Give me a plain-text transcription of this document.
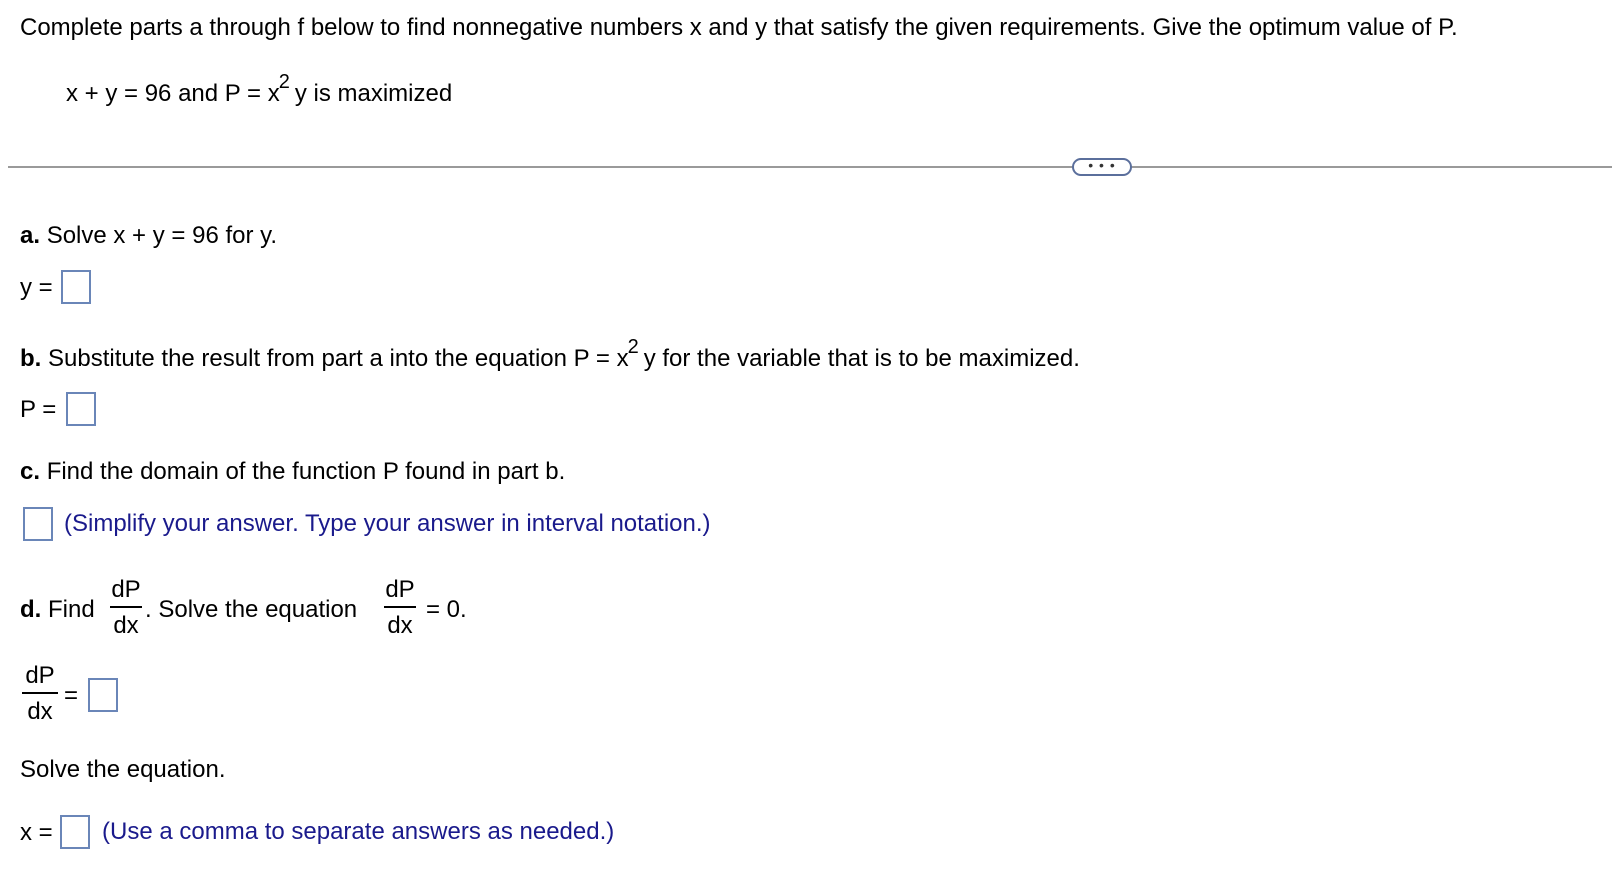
Complete parts a through f below to find nonnegative numbers x and y that satisfy the given requirements. Give the optimum value of P.
x + y = 96 and $P = x^2$ y is maximized
• • •
a. Solve x + y = 96 for y.
y =
b. Substitute the result from part a into the equation $P = x^2$ y for the variable that is to be maximized.
P =
c. Find the domain of the function P found in part b.
(Simplify your answer. Type your answer in interval notation.)
d. Find
dP
dx
. Solve the equation
dP
dx
= 0.
dP
dx
=
Solve the equation.
x = (Use a comma to separate answers as needed.)
